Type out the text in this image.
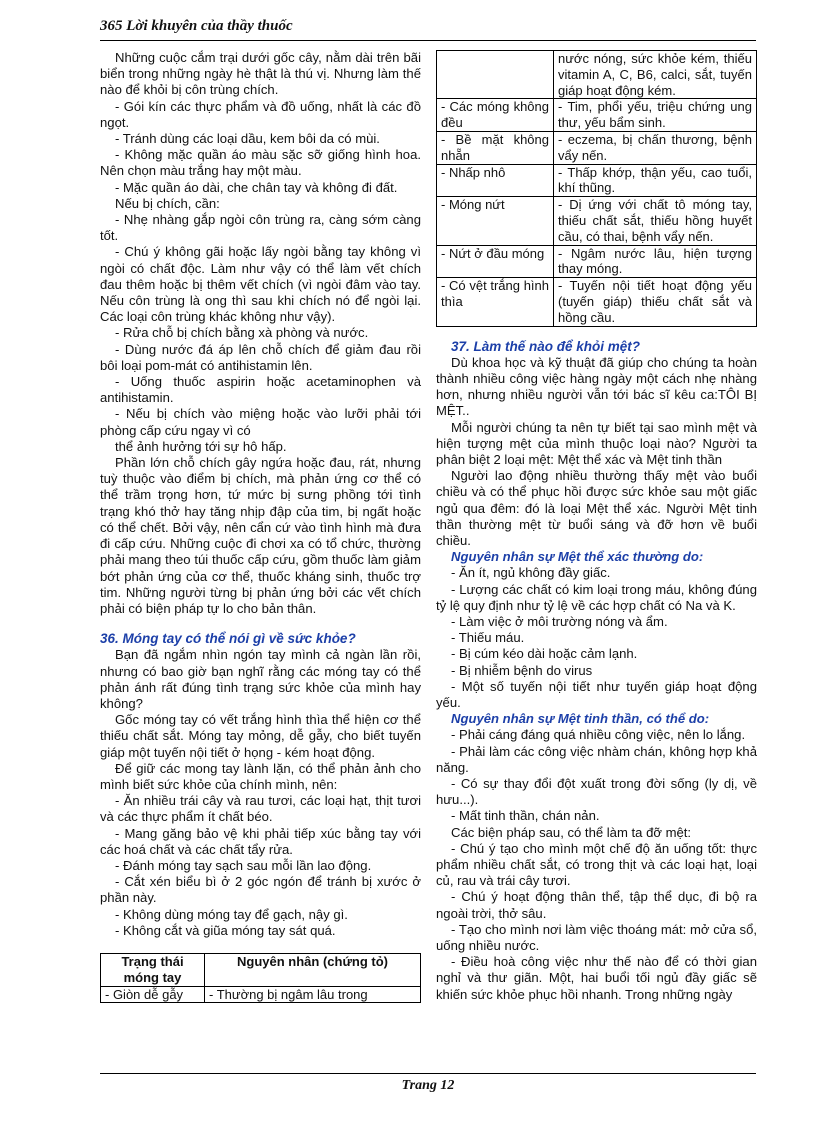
365 Lời khuyên của thầy thuốc

Những cuộc cắm trại dưới gốc cây, nằm dài trên bãi biển trong những ngày hè thật là thú vị. Nhưng làm thế nào để khỏi bị côn trùng chích.

- Gói kín các thực phẩm và đồ uống, nhất là các đồ ngọt.

- Tránh dùng các loại dầu, kem bôi da có mùi.

- Không mặc quần áo màu sặc sỡ giống hình hoa. Nên chọn màu trắng hay một màu.

- Mặc quần áo dài, che chân tay và không đi đất.

Nếu bị chích, cần:

- Nhẹ nhàng gắp ngòi côn trùng ra, càng sớm càng tốt.

- Chú ý không gãi hoặc lấy ngòi bằng tay không vì ngòi có chất độc. Làm như vậy có thể làm vết chích đau thêm hoặc bị thêm vết chích (vì ngòi đâm vào tay. Nếu côn trùng là ong thì sau khi chích nó để ngòi lại. Các loại côn trùng khác không như vậy).

- Rửa chỗ bị chích bằng xà phòng và nước.

- Dùng nước đá áp lên chỗ chích để giảm đau rồi bôi loại pom-mát có antihistamin lên.

- Uống thuốc aspirin hoặc acetaminophen và antihistamin.

- Nếu bị chích vào miệng hoặc vào lưỡi phải tới phòng cấp cứu ngay vì có

thể ảnh hưởng tới sự hô hấp.

Phần lớn chỗ chích gây ngứa hoặc đau, rát, nhưng tuỳ thuộc vào điểm bị chích, mà phản ứng cơ thể có thể trầm trọng hơn, tứ mức bị sưng phồng tới tình trạng khó thở hay tăng nhịp đập của tim, bị ngất hoặc có thể chết. Bởi vậy, nên cẩn cứ vào tình hình mà đưa đi cấp cứu. Những cuộc đi chơi xa có tổ chức, thường phải mang theo túi thuốc cấp cứu, gồm thuốc làm giảm bớt phản ứng của cơ thể, thuốc kháng sinh, thuốc trợ tim. Những người từng bị phản ứng bởi các vết chích phải có biện pháp tự lo cho bản thân.

36. Móng tay có thể nói gì về sức khỏe?

Bạn đã ngắm nhìn ngón tay mình cả ngàn lần rồi, nhưng có bao giờ bạn nghĩ rằng các móng tay có thể phản ánh rất đúng tình trạng sức khỏe của mình hay không?

Gốc móng tay có vết trắng hình thìa thể hiện cơ thể thiếu chất sắt. Móng tay mỏng, dễ gẫy, cho biết tuyến giáp một tuyến nội tiết ở họng - kém hoạt động.

Để giữ các mong tay lành lặn, có thể phản ảnh cho mình biết sức khỏe của chính mình, nên:

- Ăn nhiều trái cây và rau tươi, các loại hạt, thịt tươi và các thực phẩm ít chất béo.

- Mang găng bảo vệ khi phải tiếp xúc bằng tay với các hoá chất và các chất tẩy rửa.

- Đánh móng tay sạch sau mỗi lần lao động.

- Cắt xén biểu bì ở 2 góc ngón để tránh bị xước ở phần này.

- Không dùng móng tay để gạch, nậy gì.

- Không cắt và giũa móng tay sát quá.

Trạng thái móng tay	Nguyên nhân (chứng tỏ)
- Giòn dễ gẫy	- Thường bị ngâm lâu trong
	nước nóng, sức khỏe kém, thiếu vitamin A, C, B6, calci, sắt, tuyến giáp hoạt động kém.
- Các móng không đều	- Tim, phổi yếu, triệu chứng ung thư, yếu bẩm sinh.
- Bề mặt không nhẵn	- eczema, bị chấn thương, bệnh vẩy nến.
- Nhấp nhô	- Thấp khớp, thận yếu, cao tuổi, khí thũng.
- Móng nứt	- Dị ứng với chất tô móng tay, thiếu chất sắt, thiếu hồng huyết cầu, có thai, bệnh vẩy nến.
- Nứt ở đầu móng	- Ngâm nước lâu, hiện tượng thay móng.
- Có vệt trắng hình thìa	- Tuyến nội tiết hoạt động yếu (tuyến giáp) thiếu chất sắt và hồng cầu.
37. Làm thế nào để khỏi mệt?

Dù khoa học và kỹ thuật đã giúp cho chúng ta hoàn thành nhiều công việc hàng ngày một cách nhẹ nhàng hơn, nhưng nhiều người vẫn tới bác sĩ kêu ca:TÔI BỊ MỆT..

Mỗi người chúng ta nên tự biết tại sao mình mệt và hiện tượng mệt của mình thuộc loại nào? Người ta phân biệt 2 loại mệt: Mệt thể xác và Mệt tinh thần

Người lao động nhiều thường thấy mệt vào buổi chiều và có thể phục hồi được sức khỏe sau một giấc ngủ qua đêm: đó là loại Mệt thể xác. Người Mệt tinh thần thường mệt từ buổi sáng và đỡ hơn về buổi chiều.

Nguyên nhân sự Mệt thể xác thường do:

- Ăn ít, ngủ không đầy giấc.

- Lượng các chất có kim loại trong máu, không đúng tỷ lệ quy định như tỷ lệ về các hợp chất có Na và K.

- Làm việc ở môi trường nóng và ẩm.

- Thiếu máu.

- Bị cúm kéo dài hoặc cảm lạnh.

- Bị nhiễm bệnh do virus

- Một số tuyến nội tiết như tuyến giáp hoạt động yếu.

Nguyên nhân sự Mệt tinh thần, có thể do:

- Phải cáng đáng quá nhiều công việc, nên lo lắng.

- Phải làm các công việc nhàm chán, không hợp khả năng.

- Có sự thay đổi đột xuất trong đời sống (ly dị, về hưu...).

- Mất tinh thần, chán nản.

Các biện pháp sau, có thể làm ta đỡ mệt:

- Chú ý tạo cho mình một chế độ ăn uống tốt: thực phẩm nhiều chất sắt, có trong thịt và các loại hạt, loại củ, rau và trái cây tươi.

- Chú ý hoạt động thân thể, tập thể dục, đi bộ ra ngoài trời, thở sâu.

- Tạo cho mình nơi làm việc thoáng mát: mở cửa sổ, uống nhiều nước.

- Điều hoà công việc như thế nào để có thời gian nghỉ và thư giãn. Một, hai buổi tối ngủ đầy giấc sẽ khiến sức khỏe phục hồi nhanh. Trong những ngày

Trang 12
